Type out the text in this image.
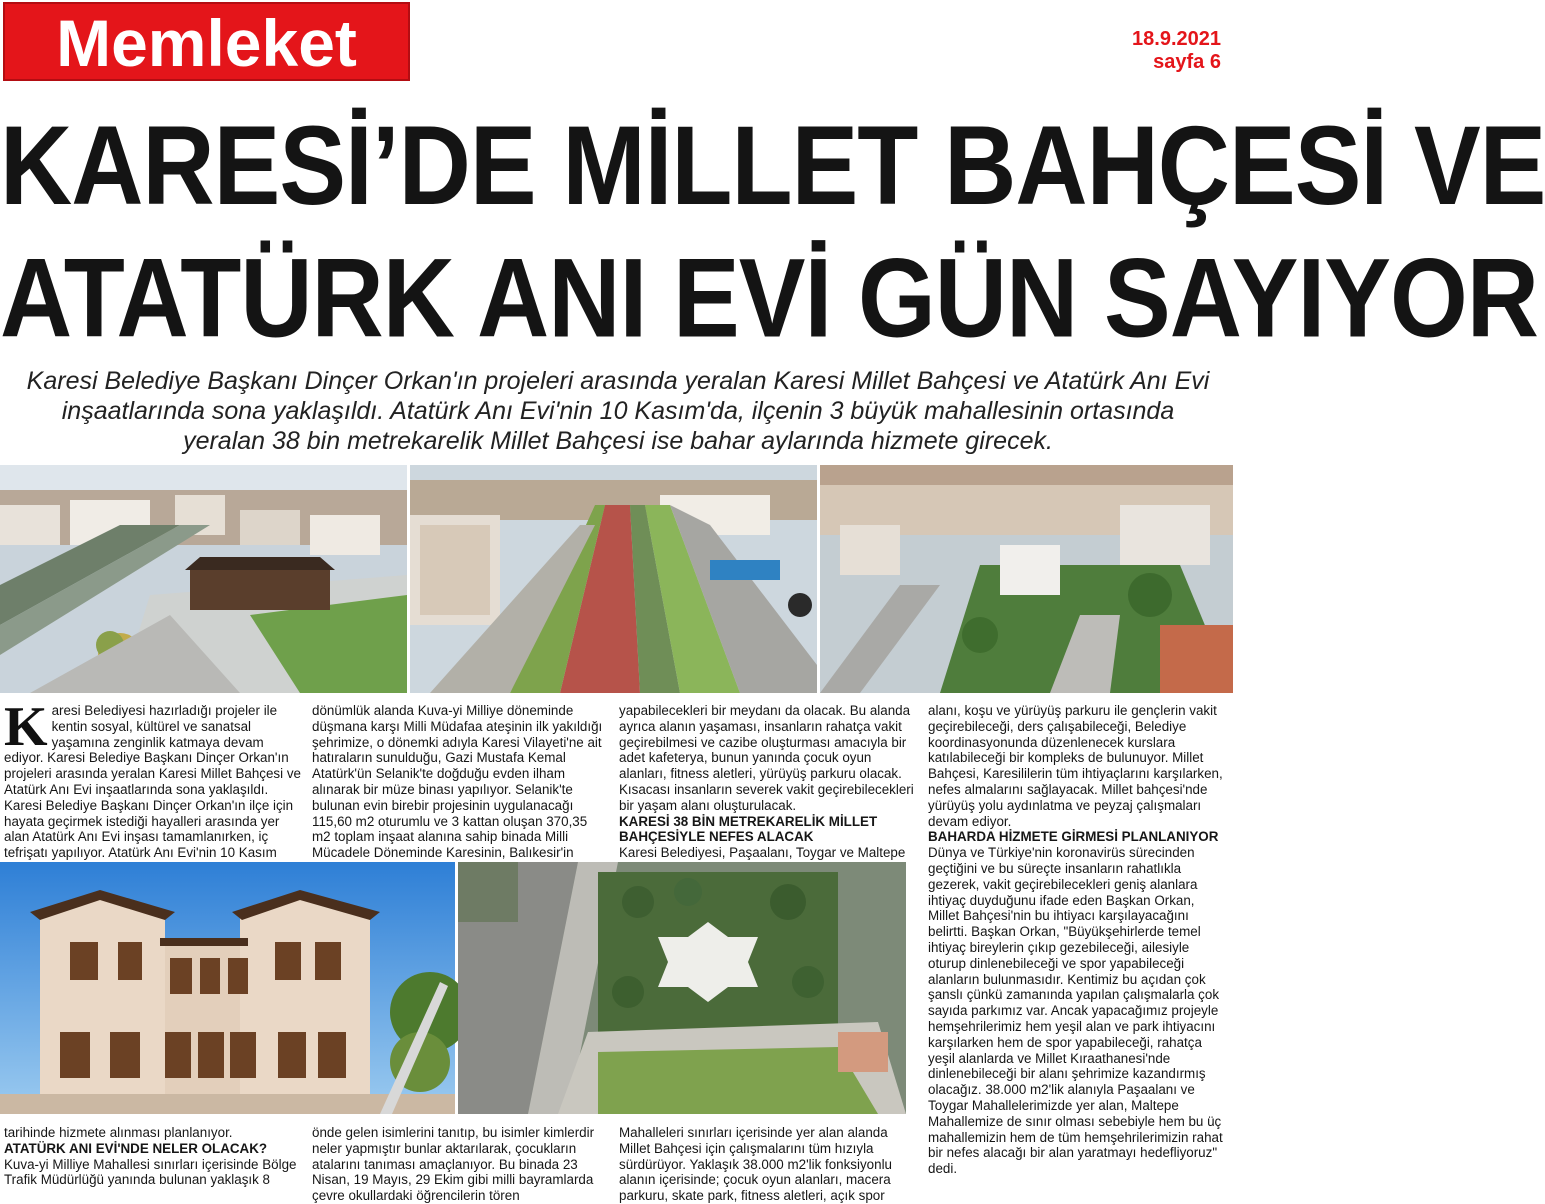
Memleket	18.9.2021
sayfa 6
KARESİ’DE MİLLET BAHÇESİ VE
ATATÜRK ANI EVİ GÜN SAYIYOR
Karesi Belediye Başkanı Dinçer Orkan'ın projeleri arasında yeralan Karesi Millet Bahçesi ve Atatürk Anı Evi inşaatlarında sona yaklaşıldı. Atatürk Anı Evi'nin 10 Kasım'da, ilçenin 3 büyük mahallesinin ortasında yeralan 38 bin metrekarelik Millet Bahçesi ise bahar aylarında hizmete girecek.
K aresi Belediyesi hazırladığı projeler ile kentin sosyal, kültürel ve sanatsal yaşamına zenginlik katmaya devam ediyor. Karesi Belediye Başkanı Dinçer Orkan'ın projeleri arasında yeralan Karesi Millet Bahçesi ve Atatürk Anı Evi inşaatlarında sona yaklaşıldı. Karesi Belediye Başkanı Dinçer Orkan'ın ilçe için hayata geçirmek istediği hayalleri arasında yer alan Atatürk Anı Evi inşası tamamlanırken, iç tefrişatı yapılıyor. Atatürk Anı Evi'nin 10 Kasım

dönümlük alanda Kuva-yi Milliye döneminde düşmana karşı Milli Müdafaa ateşinin ilk yakıldığı şehrimize, o dönemki adıyla Karesi Vilayeti'ne ait hatıraların sunulduğu, Gazi Mustafa Kemal Atatürk'ün Selanik'te doğduğu evden ilham alınarak bir müze binası yapılıyor. Selanik'te bulunan evin birebir projesinin uygulanacağı 115,60 m2 oturumlu ve 3 kattan oluşan 370,35 m2 toplam inşaat alanına sahip binada Milli Mücadele Döneminde Karesinin, Balıkesir'in

yapabilecekleri bir meydanı da olacak. Bu alanda ayrıca alanın yaşaması, insanların rahatça vakit geçirebilmesi ve cazibe oluşturması amacıyla bir adet kafeterya, bunun yanında çocuk oyun alanları, fitness aletleri, yürüyüş parkuru olacak. Kısacası insanların severek vakit geçirebilecekleri bir yaşam alanı oluşturulacak.

KARESİ 38 BİN METREKARELİK MİLLET BAHÇESİYLE NEFES ALACAK

Karesi Belediyesi, Paşaalanı, Toygar ve Maltepe

alanı, koşu ve yürüyüş parkuru ile gençlerin vakit geçirebileceği, ders çalışabileceği, Belediye koordinasyonunda düzenlenecek kurslara katılabileceği bir kompleks de bulunuyor. Millet Bahçesi, Karesililerin tüm ihtiyaçlarını karşılarken, nefes almalarını sağlayacak. Millet bahçesi'nde yürüyüş yolu aydınlatma ve peyzaj çalışmaları devam ediyor.

BAHARDA HİZMETE GİRMESİ PLANLANIYOR

Dünya ve Türkiye'nin koronavirüs sürecinden geçtiğini ve bu süreçte insanların rahatlıkla gezerek, vakit geçirebilecekleri geniş alanlara ihtiyaç duyduğunu ifade eden Başkan Orkan, Millet Bahçesi'nin bu ihtiyacı karşılayacağını belirtti. Başkan Orkan, "Büyükşehirlerde temel ihtiyaç bireylerin çıkıp gezebileceği, ailesiyle oturup dinlenebileceği ve spor yapabileceği alanların bulunmasıdır. Kentimiz bu açıdan çok şanslı çünkü zamanında yapılan çalışmalarla çok sayıda parkımız var. Ancak yapacağımız projeyle hemşehrilerimiz hem yeşil alan ve park ihtiyacını karşılarken hem de spor yapabileceği, rahatça yeşil alanlarda ve Millet Kıraathanesi'nde dinlenebileceği bir alanı şehrimize kazandırmış olacağız. 38.000 m2'lik alanıyla Paşaalanı ve Toygar Mahallelerimizde yer alan, Maltepe Mahallemize de sınır olması sebebiyle hem bu üç mahallemizin hem de tüm hemşehrilerimizin rahat bir nefes alacağı bir alan yaratmayı hedefliyoruz" dedi.

tarihinde hizmete alınması planlanıyor.

ATATÜRK ANI EVİ'NDE NELER OLACAK?

Kuva-yi Milliye Mahallesi sınırları içerisinde Bölge Trafik Müdürlüğü yanında bulunan yaklaşık 8

önde gelen isimlerini tanıtıp, bu isimler kimlerdir neler yapmıştır bunlar aktarılarak, çocukların atalarını tanıması amaçlanıyor. Bu binada 23 Nisan, 19 Mayıs, 29 Ekim gibi milli bayramlarda çevre okullardaki öğrencilerin tören

Mahalleleri sınırları içerisinde yer alan alanda Millet Bahçesi için çalışmalarını tüm hızıyla sürdürüyor. Yaklaşık 38.000 m2'lik fonksiyonlu alanın içerisinde; çocuk oyun alanları, macera parkuru, skate park, fitness aletleri, açık spor
